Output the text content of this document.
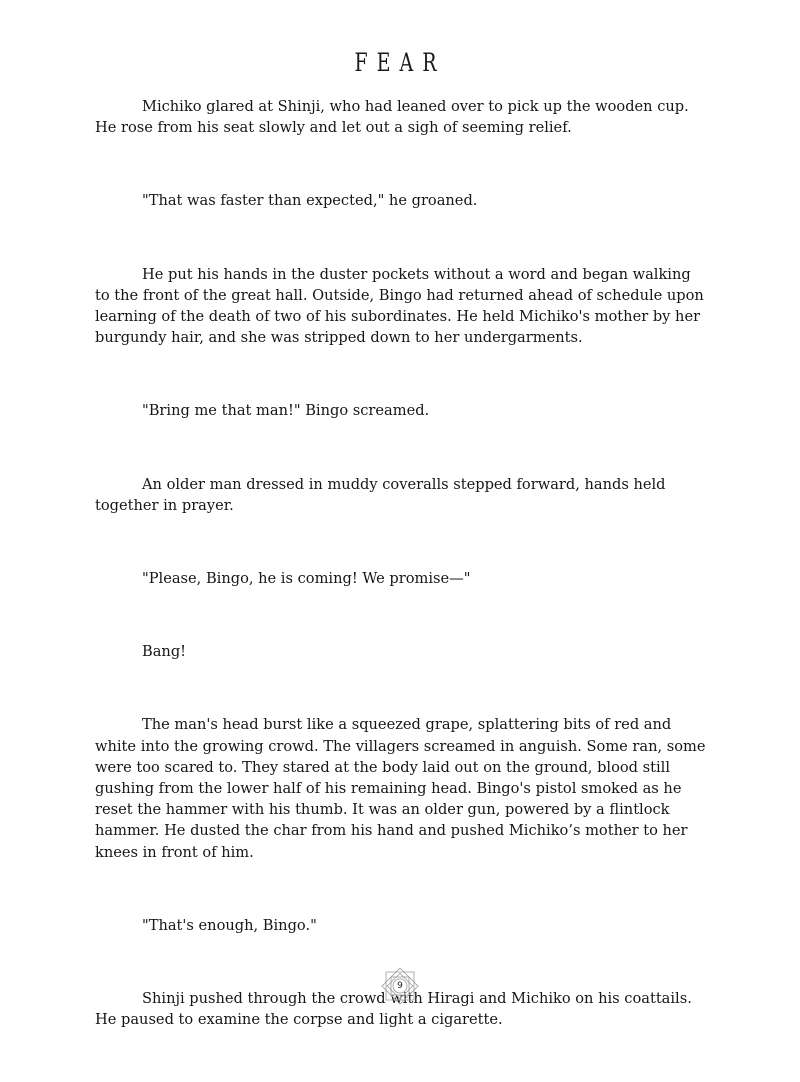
FEAR

Michiko glared at Shinji, who had leaned over to pick up the wooden cup. He rose from his seat slowly and let out a sigh of seeming relief.

"That was faster than expected," he groaned.

He put his hands in the duster pockets without a word and began walking to the front of the great hall. Outside, Bingo had returned ahead of schedule upon learning of the death of two of his subordinates. He held Michiko's mother by her burgundy hair, and she was stripped down to her undergarments.

"Bring me that man!" Bingo screamed.

An older man dressed in muddy coveralls stepped forward, hands held together in prayer.

"Please, Bingo, he is coming! We promise—"

Bang!

The man's head burst like a squeezed grape, splattering bits of red and white into the growing crowd. The villagers screamed in anguish. Some ran, some were too scared to. They stared at the body laid out on the ground, blood still gushing from the lower half of his remaining head. Bingo's pistol smoked as he reset the hammer with his thumb. It was an older gun, powered by a flintlock hammer. He dusted the char from his hand and pushed Michiko’s mother to her knees in front of him.

"That's enough, Bingo."

Shinji pushed through the crowd with Hiragi and Michiko on his coattails. He paused to examine the corpse and light a cigarette.

9
